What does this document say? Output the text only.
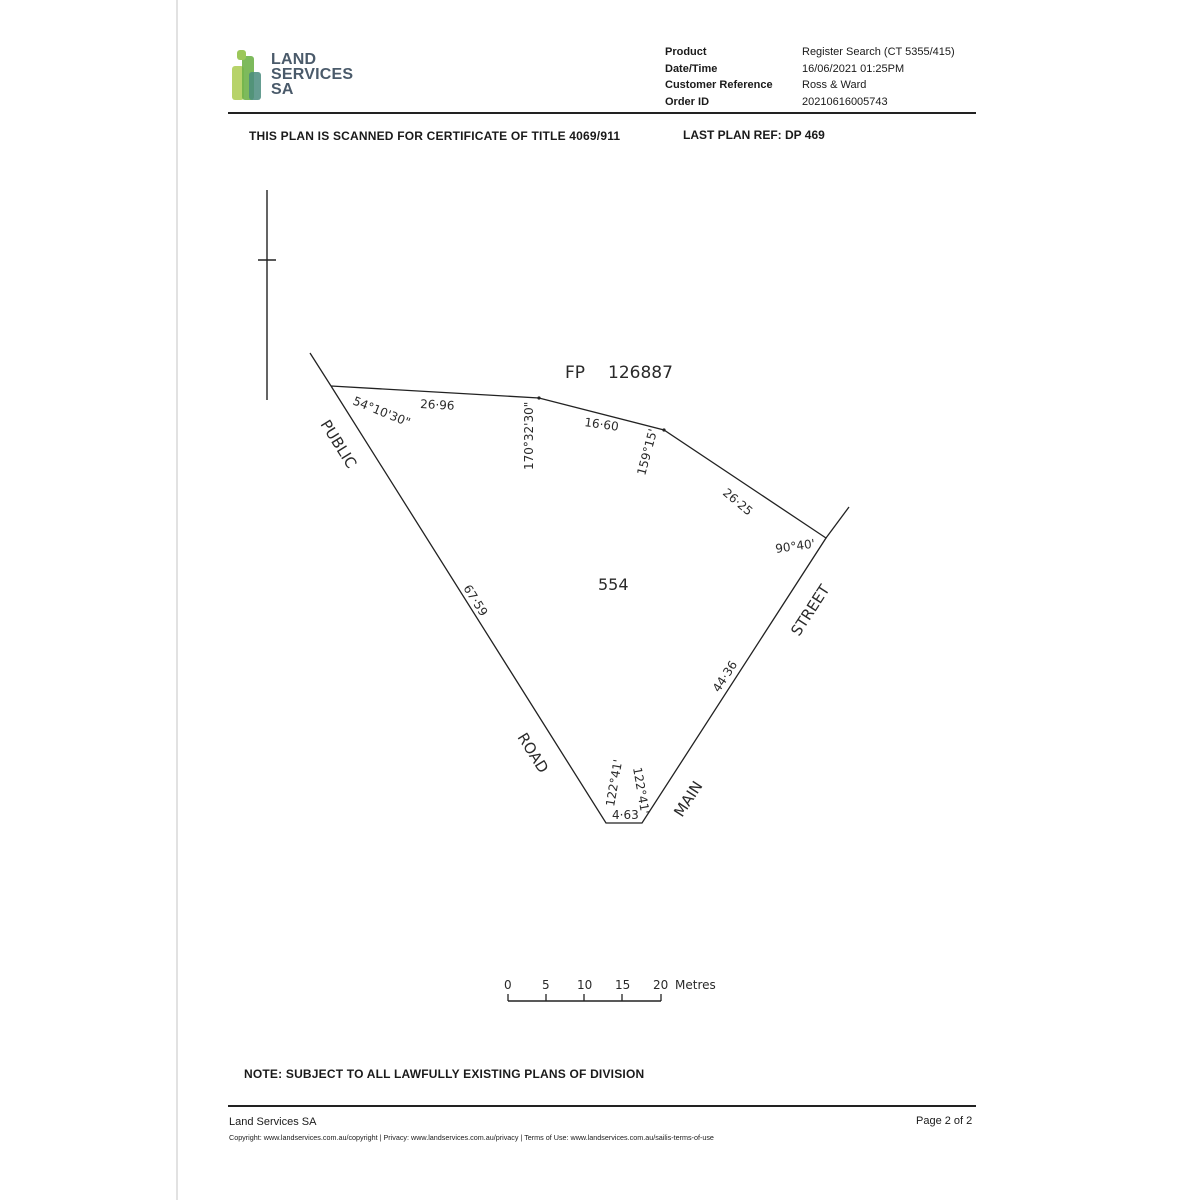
LAND
SERVICES
SA
Product	Register Search (CT 5355/415)
Date/Time	16/06/2021 01:25PM
Customer Reference	Ross & Ward
Order ID	20210616005743
THIS PLAN IS SCANNED FOR CERTIFICATE OF TITLE 4069/911	LAST PLAN REF: DP 469
FP 126887
554
26·96
16·60
26·25
67·59
44·36
4·63
54°10'30"	170°32'30"	159°15'
90°40'
122°41' 122°41'
PUBLIC
ROAD
MAIN
STREET
0	5 10 15 20 Metres
NOTE: SUBJECT TO ALL LAWFULLY EXISTING PLANS OF DIVISION
Land Services SA	Page 2 of 2
Copyright: www.landservices.com.au/copyright | Privacy: www.landservices.com.au/privacy | Terms of Use: www.landservices.com.au/sailis-terms-of-use
